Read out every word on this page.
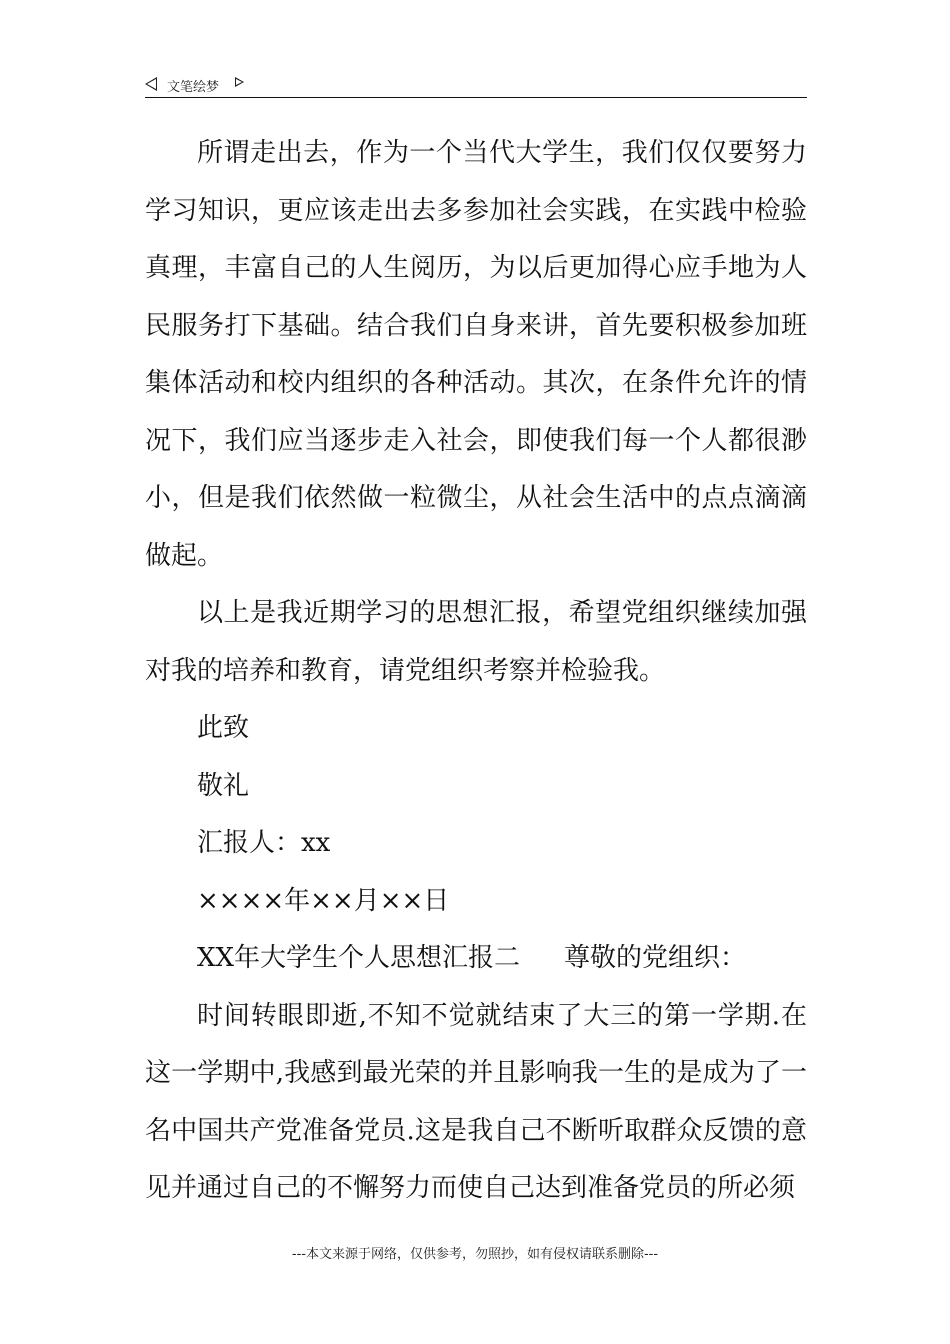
文笔绘梦

所谓走出去，作为一个当代大学生，我们仅仅要努力学习知识，更应该走出去多参加社会实践，在实践中检验真理，丰富自己的人生阅历，为以后更加得心应手地为人民服务打下基础。结合我们自身来讲，首先要积极参加班集体活动和校内组织的各种活动。其次，在条件允许的情况下，我们应当逐步走入社会，即使我们每一个人都很渺小，但是我们依然做一粒微尘，从社会生活中的点点滴滴做起。

以上是我近期学习的思想汇报，希望党组织继续加强对我的培养和教育，请党组织考察并检验我。

此致

敬礼

汇报人：xx

××××年××月××日

XX年大学生个人思想汇报二 尊敬的党组织：

时间转眼即逝,不知不觉就结束了大三的第一学期.在这一学期中,我感到最光荣的并且影响我一生的是成为了一名中国共产党准备党员.这是我自己不断听取群众反馈的意见并通过自己的不懈努力而使自己达到准备党员的所必须

---本文来源于网络，仅供参考，勿照抄，如有侵权请联系删除---
